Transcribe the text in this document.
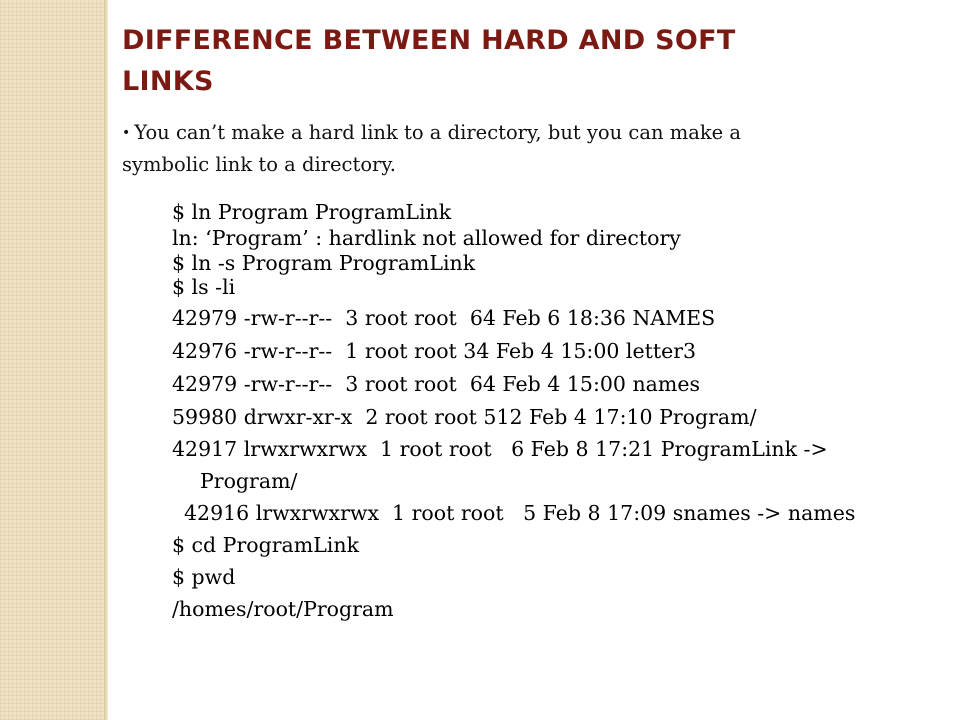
DIFFERENCE BETWEEN HARD AND SOFT
LINKS

• You can’t make a hard link to a directory, but you can make a
symbolic link to a directory.

$ ln Program ProgramLink
ln: ‘Program’ : hardlink not allowed for directory
$ ln -s Program ProgramLink
$ ls -li
42979 -rw-r--r--  3 root root  64 Feb 6 18:36 NAMES
42976 -rw-r--r--  1 root root 34 Feb 4 15:00 letter3
42979 -rw-r--r--  3 root root  64 Feb 4 15:00 names
59980 drwxr-xr-x  2 root root 512 Feb 4 17:10 Program/
42917 lrwxrwxrwx  1 root root   6 Feb 8 17:21 ProgramLink ->
Program/
42916 lrwxrwxrwx  1 root root   5 Feb 8 17:09 snames -> names
$ cd ProgramLink
$ pwd
/homes/root/Program
